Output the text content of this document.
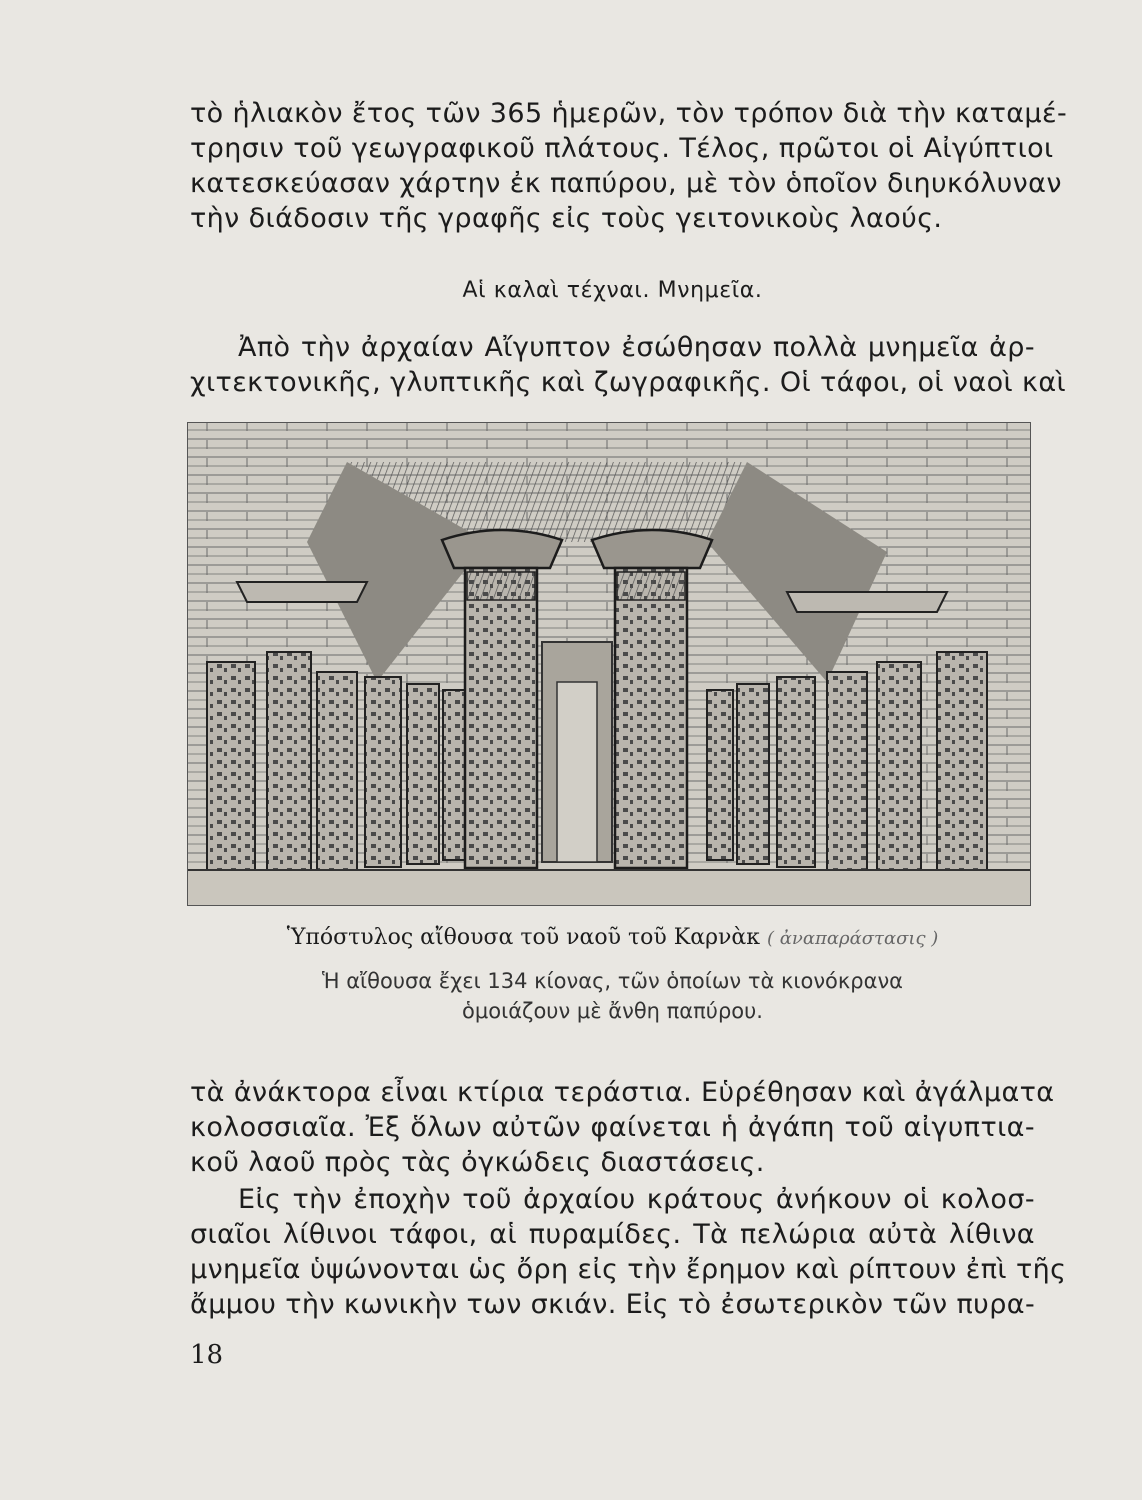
τὸ ἡλιακὸν ἔτος τῶν 365 ἡμερῶν, τὸν τρόπον διὰ τὴν καταμέ-
τρησιν τοῦ γεωγραφικοῦ πλάτους. Τέλος, πρῶτοι οἱ Αἰγύπτιοι
κατεσκεύασαν χάρτην ἐκ παπύρου, μὲ τὸν ὁποῖον διηυκόλυναν
τὴν διάδοσιν τῆς γραφῆς εἰς τοὺς γειτονικοὺς λαούς.

Αἱ καλαὶ τέχναι. Μνημεῖα.

Ἀπὸ τὴν ἀρχαίαν Αἴγυπτον ἐσώθησαν πολλὰ μνημεῖα ἀρ-
χιτεκτονικῆς, γλυπτικῆς καὶ ζωγραφικῆς. Οἱ τάφοι, οἱ ναοὶ καὶ

Ὑπόστυλος αἴθουσα τοῦ ναοῦ τοῦ Καρνὰκ ( ἀναπαράστασις )
Ἡ αἴθουσα ἔχει 134 κίονας, τῶν ὁποίων τὰ κιονόκρανα
ὁμοιάζουν μὲ ἄνθη παπύρου.

τὰ ἀνάκτορα εἶναι κτίρια τεράστια. Εὑρέθησαν καὶ ἀγάλματα
κολοσσιαῖα. Ἐξ ὅλων αὐτῶν φαίνεται ἡ ἀγάπη τοῦ αἰγυπτια-
κοῦ λαοῦ πρὸς τὰς ὀγκώδεις διαστάσεις.

Εἰς τὴν ἐποχὴν τοῦ ἀρχαίου κράτους ἀνήκουν οἱ κολοσ-
σιαῖοι λίθινοι τάφοι, αἱ πυραμίδες. Τὰ πελώρια αὐτὰ λίθινα
μνημεῖα ὑψώνονται ὡς ὄρη εἰς τὴν ἔρημον καὶ ρίπτουν ἐπὶ τῆς
ἄμμου τὴν κωνικὴν των σκιάν. Εἰς τὸ ἐσωτερικὸν τῶν πυρα-

18
